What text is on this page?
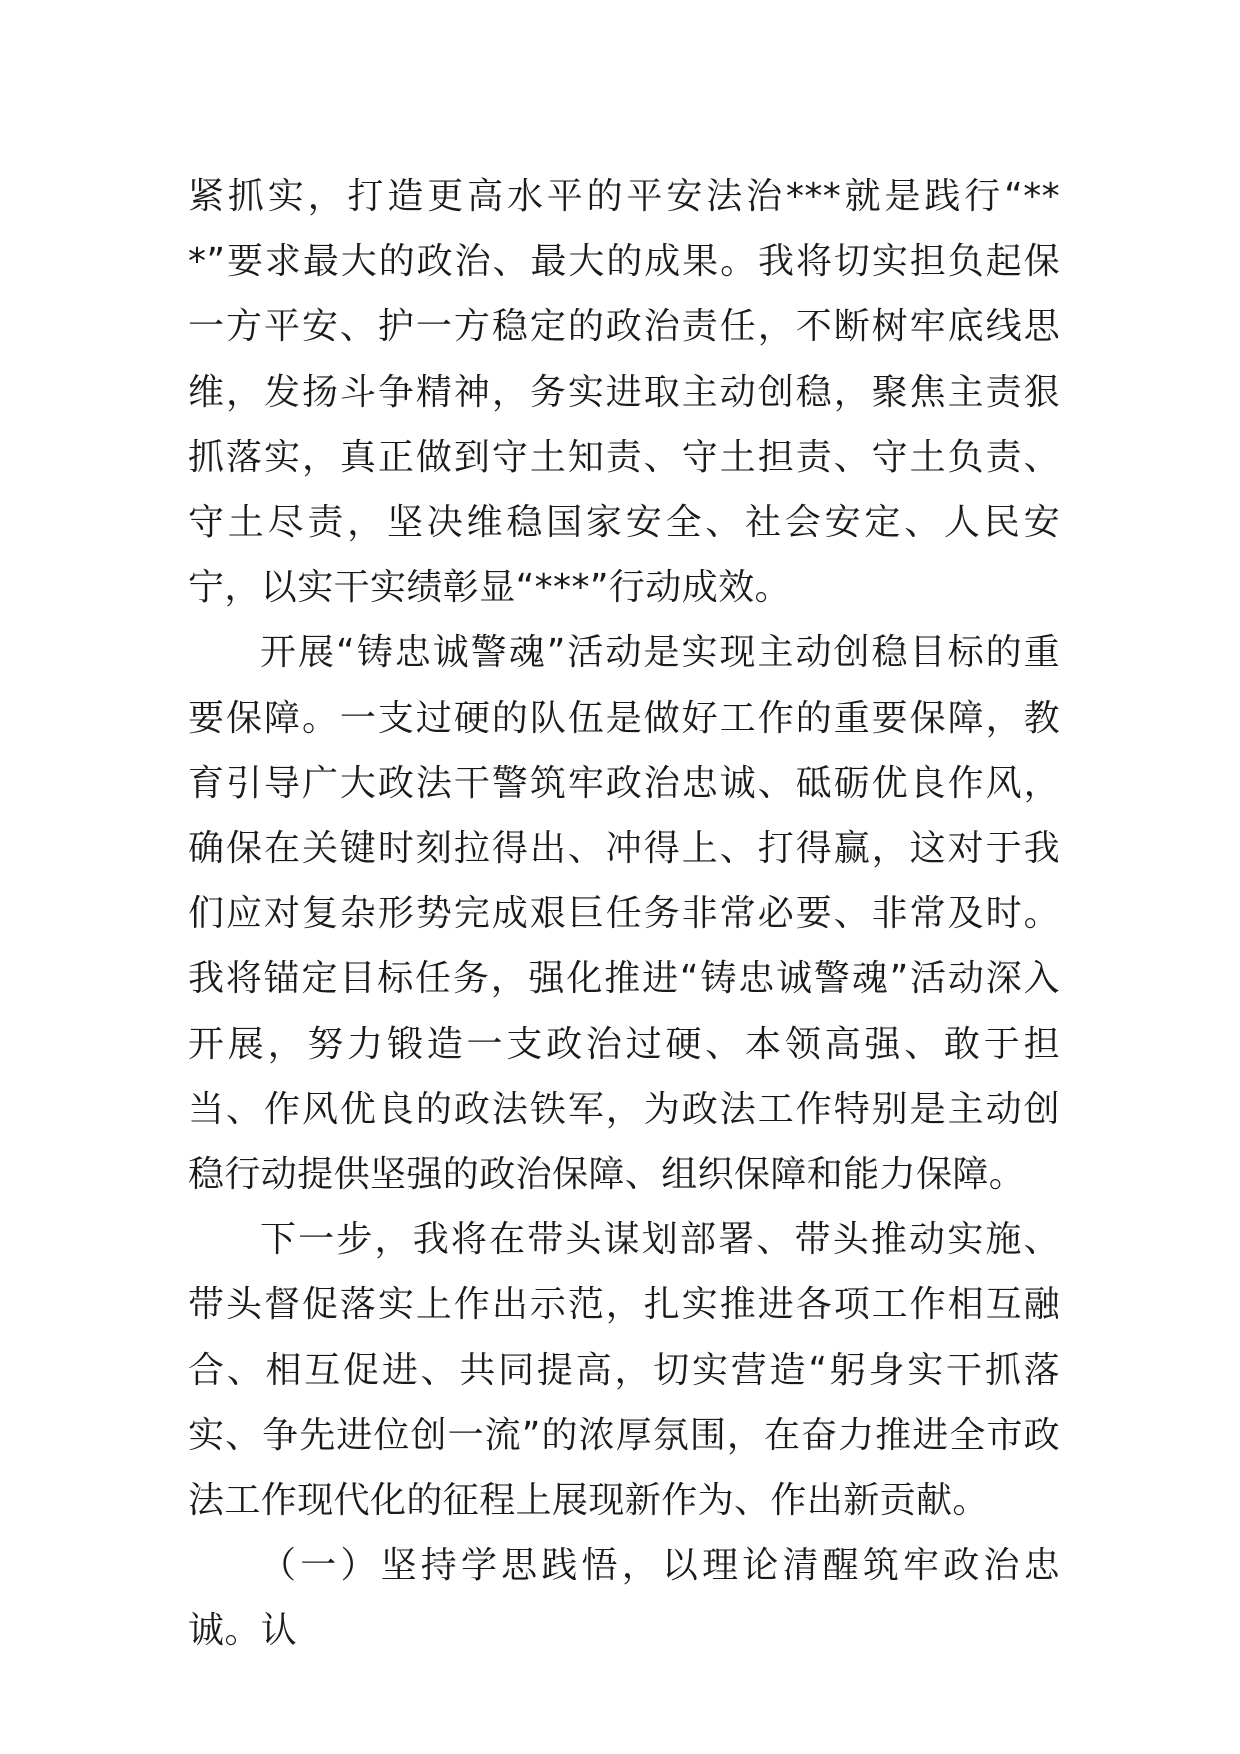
紧抓实，打造更高水平的平安法治***就是践行“***”要求最大的政治、最大的成果。我将切实担负起保一方平安、护一方稳定的政治责任，不断树牢底线思维，发扬斗争精神，务实进取主动创稳，聚焦主责狠抓落实，真正做到守土知责、守土担责、守土负责、守土尽责，坚决维稳国家安全、社会安定、人民安宁，以实干实绩彰显“***”行动成效。

开展“铸忠诚警魂”活动是实现主动创稳目标的重要保障。一支过硬的队伍是做好工作的重要保障，教育引导广大政法干警筑牢政治忠诚、砥砺优良作风，确保在关键时刻拉得出、冲得上、打得赢，这对于我们应对复杂形势完成艰巨任务非常必要、非常及时。我将锚定目标任务，强化推进“铸忠诚警魂”活动深入开展，努力锻造一支政治过硬、本领高强、敢于担当、作风优良的政法铁军，为政法工作特别是主动创稳行动提供坚强的政治保障、组织保障和能力保障。

下一步，我将在带头谋划部署、带头推动实施、带头督促落实上作出示范，扎实推进各项工作相互融合、相互促进、共同提高，切实营造“躬身实干抓落实、争先进位创一流”的浓厚氛围，在奋力推进全市政法工作现代化的征程上展现新作为、作出新贡献。

（一）坚持学思践悟，以理论清醒筑牢政治忠诚。认
